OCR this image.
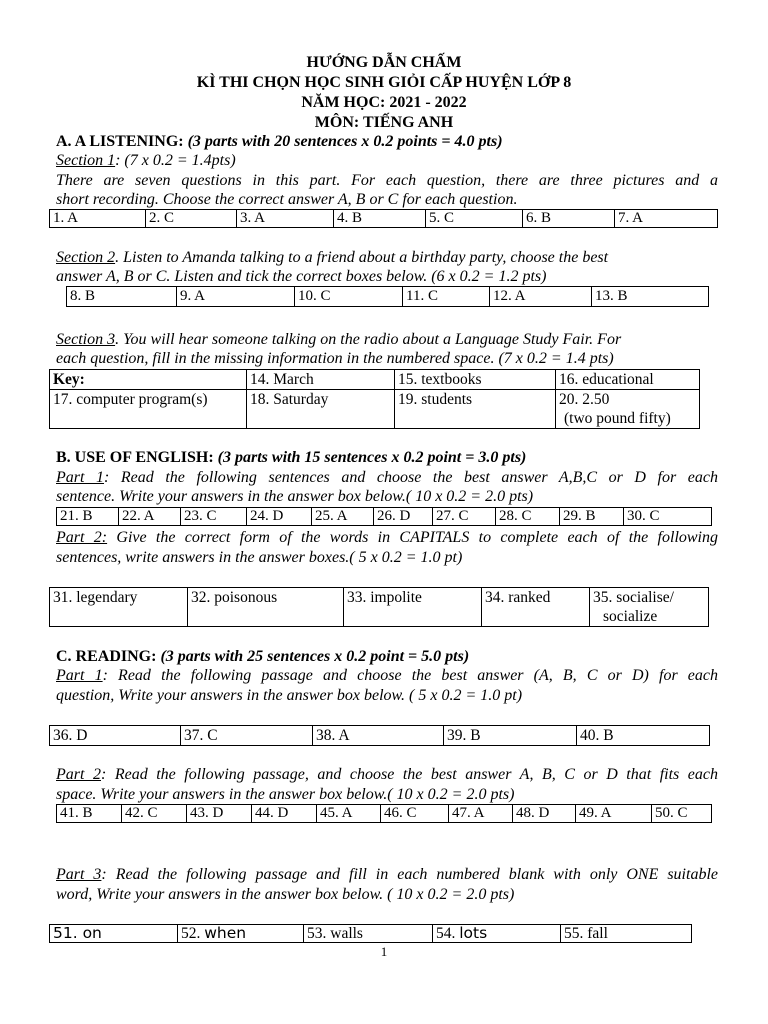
HƯỚNG DẪN CHẤM
KÌ THI CHỌN HỌC SINH GIỎI CẤP HUYỆN LỚP 8
NĂM HỌC: 2021 - 2022
MÔN: TIẾNG ANH
A. A LISTENING: (3 parts with 20 sentences x 0.2 points = 4.0 pts)
Section 1: (7 x 0.2 = 1.4pts)
There are seven questions in this part. For each question, there are three pictures and a
short recording. Choose the correct answer A, B or C for each question.
1. A	2. C	3. A	4. B	5. C	6. B	7. A
Section 2. Listen to Amanda talking to a friend about a birthday party, choose the best
answer A, B or C. Listen and tick the correct boxes below. (6 x 0.2 = 1.2 pts)
8. B	9. A	10. C	11. C	12. A	13. B
Section 3. You will hear someone talking on the radio about a Language Study Fair. For
each question, fill in the missing information in the numbered space. (7 x 0.2 = 1.4 pts)
Key:	14. March	15. textbooks	16. educational
17. computer program(s)	18. Saturday	19. students	20. 2.50
(two pound fifty)
B. USE OF ENGLISH: (3 parts with 15 sentences x 0.2 point = 3.0 pts)
Part 1: Read the following sentences and choose the best answer A,B,C or D for each
sentence. Write your answers in the answer box below.( 10 x 0.2 = 2.0 pts)
21. B	22. A	23. C	24. D	25. A	26. D	27. C	28. C	29. B	30. C
Part 2: Give the correct form of the words in CAPITALS to complete each of the following
sentences, write answers in the answer boxes.( 5 x 0.2 = 1.0 pt)
31. legendary	32. poisonous	33. impolite	34. ranked	35. socialise/
socialize
C. READING: (3 parts with 25 sentences x 0.2 point = 5.0 pts)
Part 1: Read the following passage and choose the best answer (A, B, C or D) for each
question, Write your answers in the answer box below. ( 5 x 0.2 = 1.0 pt)
36. D	37. C	38. A	39. B	40. B
Part 2: Read the following passage, and choose the best answer A, B, C or D that fits each
space. Write your answers in the answer box below.( 10 x 0.2 = 2.0 pts)
41. B	42. C	43. D	44. D	45. A	46. C	47. A	48. D	49. A	50. C
Part 3: Read the following passage and fill in each numbered blank with only ONE suitable
word, Write your answers in the answer box below. ( 10 x 0.2 = 2.0 pts)
51. on	52. when	53. walls	54. lots	55. fall
1
